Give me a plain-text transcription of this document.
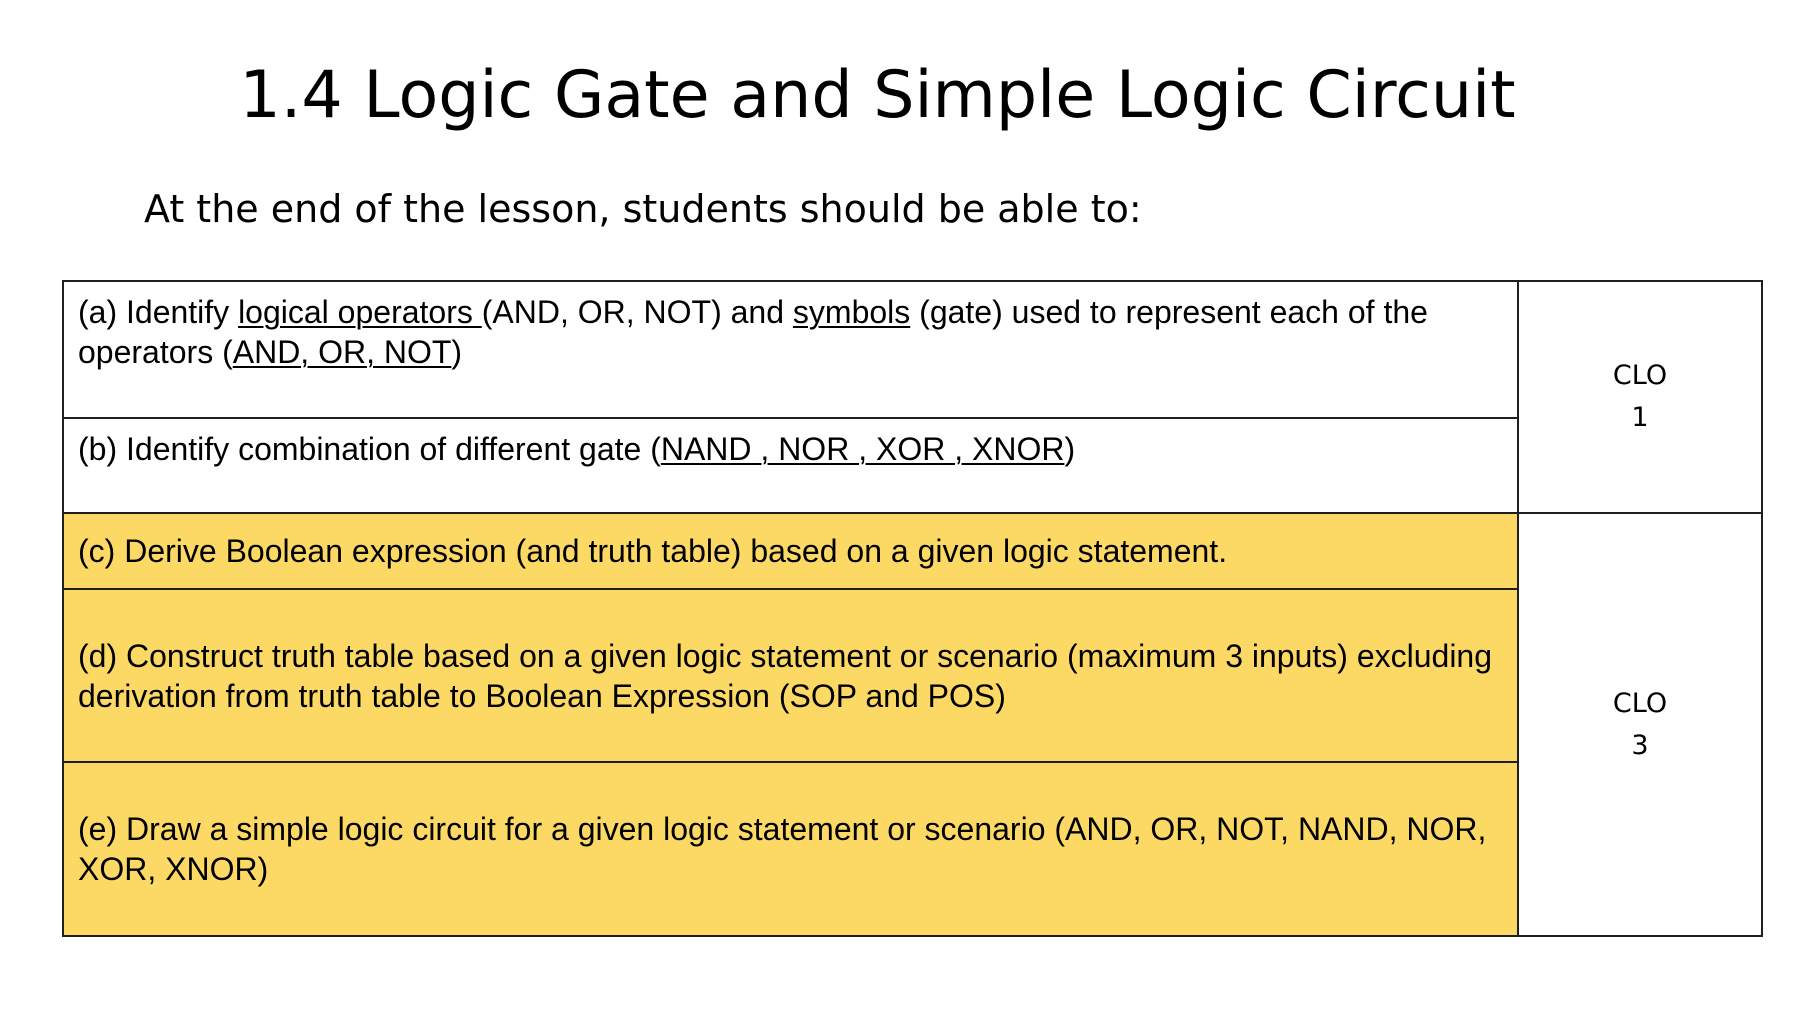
1.4 Logic Gate and Simple Logic Circuit
At the end of the lesson, students should be able to:
(a) Identify logical operators (AND, OR, NOT) and symbols (gate) used to represent each of the operators (AND, OR, NOT)	CLO
1

(b) Identify combination of different gate (NAND , NOR , XOR , XNOR)	
(c) Derive Boolean expression (and truth table) based on a given logic statement.	CLO
3

(d) Construct truth table based on a given logic statement or scenario (maximum 3 inputs) excluding derivation from truth table to Boolean Expression (SOP and POS)	
(e) Draw a simple logic circuit for a given logic statement or scenario (AND, OR, NOT, NAND, NOR, XOR, XNOR)	
